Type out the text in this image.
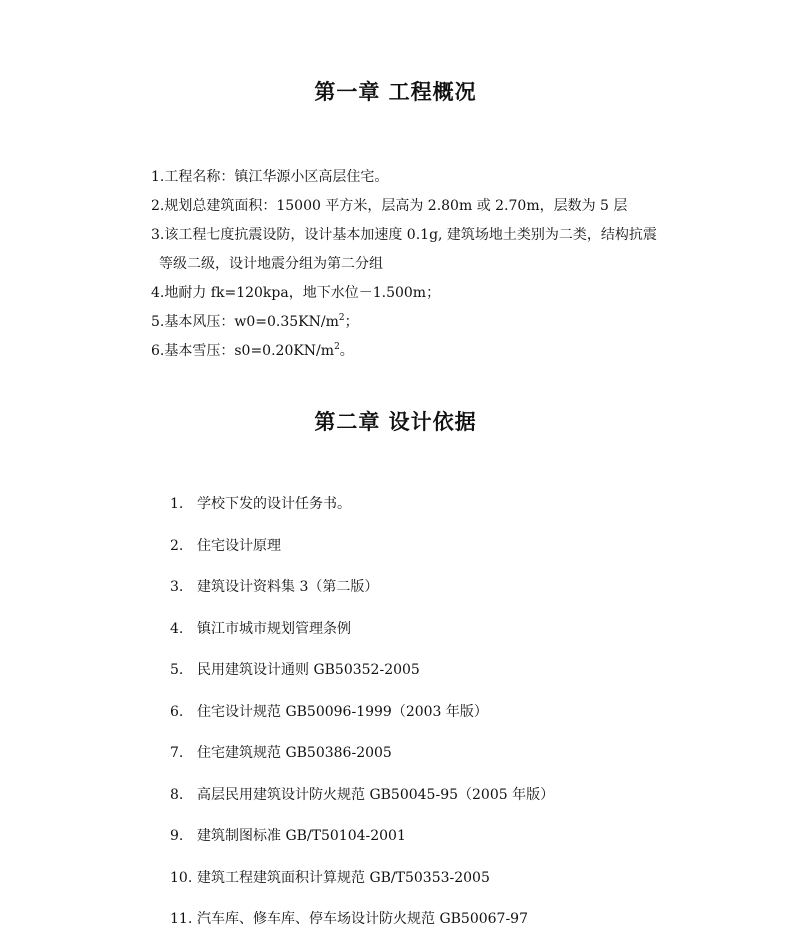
第一章 工程概况
1.工程名称：镇江华源小区高层住宅。
2.规划总建筑面积：15000 平方米，层高为 2.80m 或 2.70m，层数为 5 层
3.该工程七度抗震设防，设计基本加速度 0.1g, 建筑场地土类别为二类，结构抗震
等级二级，设计地震分组为第二分组
4.地耐力 fk=120kpa，地下水位－1.500m；
5.基本风压：$w0=0.35KN/m^2$；
6.基本雪压：$s0=0.20KN/m^2$。
第二章 设计依据
1. 学校下发的设计任务书。
2. 住宅设计原理
3. 建筑设计资料集 3（第二版）
4. 镇江市城市规划管理条例
5. 民用建筑设计通则 GB50352-2005
6. 住宅设计规范 GB50096-1999（2003 年版）
7. 住宅建筑规范 GB50386-2005
8. 高层民用建筑设计防火规范 GB50045-95（2005 年版）
9. 建筑制图标准 GB/T50104-2001
10. 建筑工程建筑面积计算规范 GB/T50353-2005
11. 汽车库、修车库、停车场设计防火规范 GB50067-97
